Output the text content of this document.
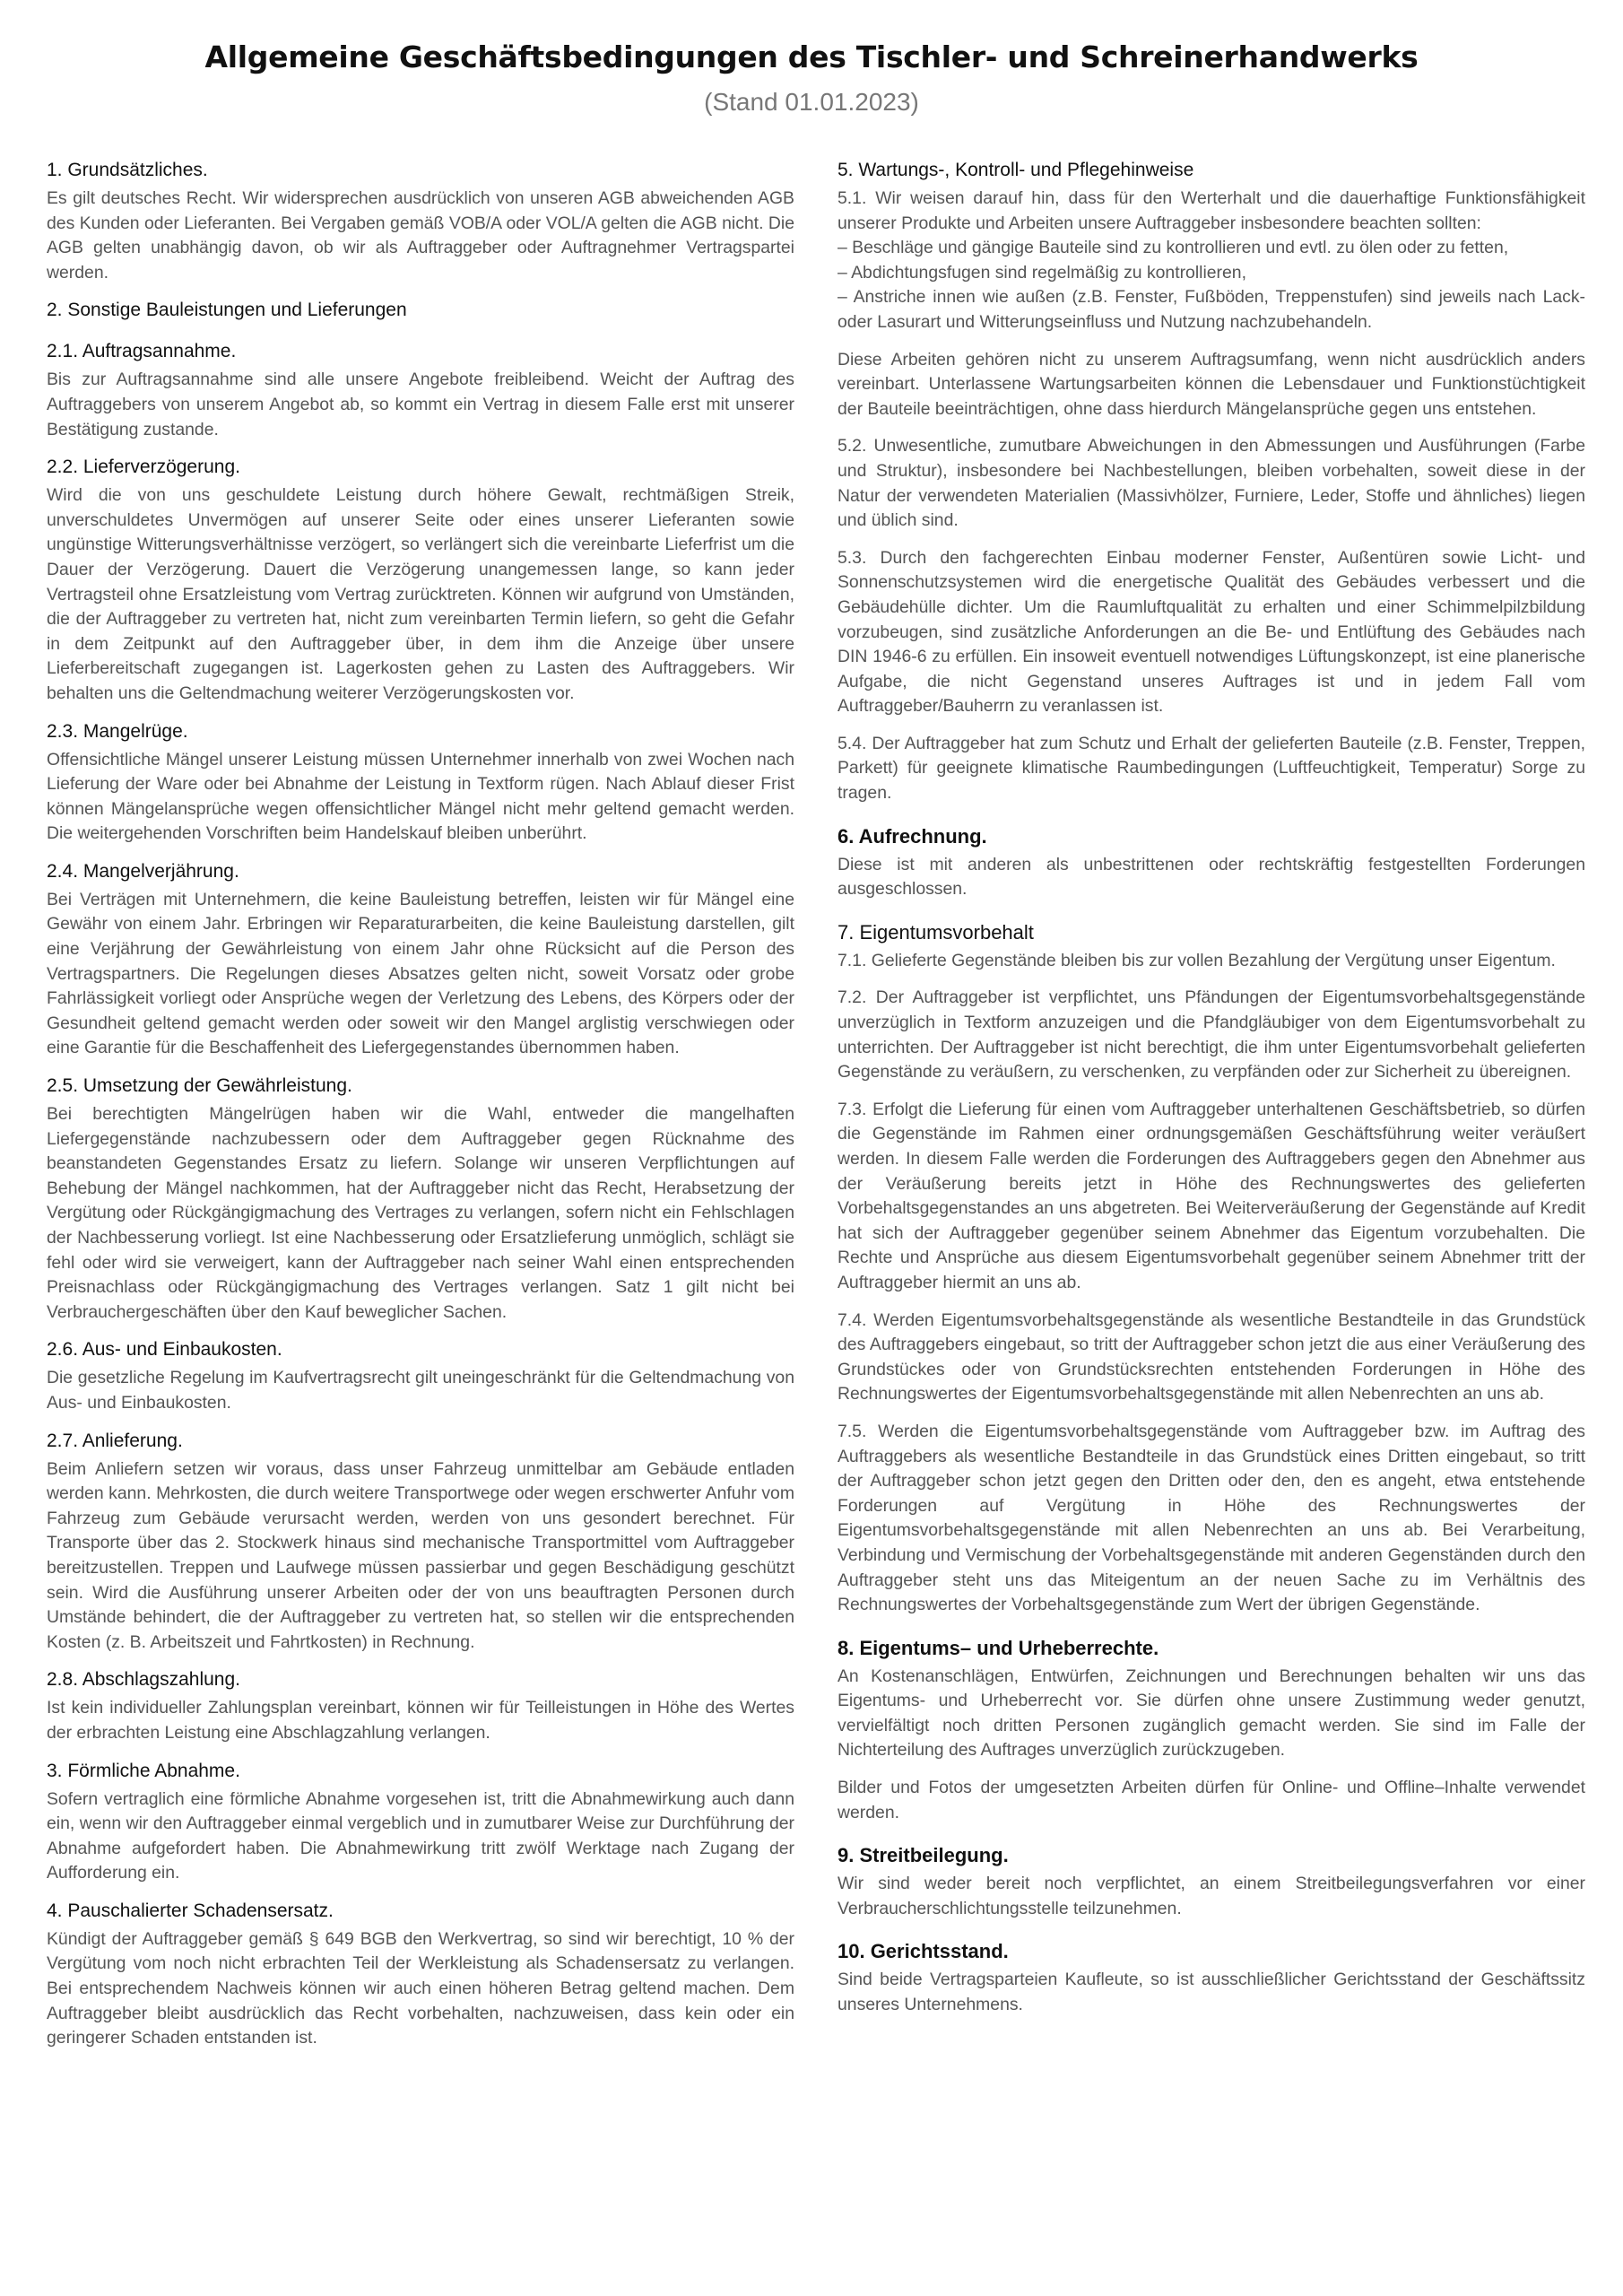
Allgemeine Geschäftsbedingungen des Tischler- und Schreinerhandwerks
(Stand 01.01.2023)
1. Grundsätzliches.

Es gilt deutsches Recht. Wir widersprechen ausdrücklich von unseren AGB abweichenden AGB des Kunden oder Lieferanten. Bei Vergaben gemäß VOB/A oder VOL/A gelten die AGB nicht. Die AGB gelten unabhängig davon, ob wir als Auftraggeber oder Auftragnehmer Vertragspartei werden.

2. Sonstige Bauleistungen und Lieferungen
2.1. Auftragsannahme.

Bis zur Auftragsannahme sind alle unsere Angebote freibleibend. Weicht der Auftrag des Auftraggebers von unserem Angebot ab, so kommt ein Vertrag in diesem Falle erst mit unserer Bestätigung zustande.

2.2. Lieferverzögerung.

Wird die von uns geschuldete Leistung durch höhere Gewalt, rechtmäßigen Streik, unverschuldetes Unvermögen auf unserer Seite oder eines unserer Lieferanten sowie ungünstige Witterungsverhältnisse verzögert, so verlängert sich die vereinbarte Lieferfrist um die Dauer der Verzögerung. Dauert die Verzögerung unangemessen lange, so kann jeder Vertragsteil ohne Ersatzleistung vom Vertrag zurücktreten. Können wir aufgrund von Umständen, die der Auftraggeber zu vertreten hat, nicht zum vereinbarten Termin liefern, so geht die Gefahr in dem Zeitpunkt auf den Auftraggeber über, in dem ihm die Anzeige über unsere Lieferbereitschaft zugegangen ist. Lagerkosten gehen zu Lasten des Auftraggebers. Wir behalten uns die Geltendmachung weiterer Verzögerungskosten vor.

2.3. Mangelrüge.

Offensichtliche Mängel unserer Leistung müssen Unternehmer innerhalb von zwei Wochen nach Lieferung der Ware oder bei Abnahme der Leistung in Textform rügen. Nach Ablauf dieser Frist können Mängelansprüche wegen offensichtlicher Mängel nicht mehr geltend gemacht werden. Die weitergehenden Vorschriften beim Handelskauf bleiben unberührt.

2.4. Mangelverjährung.

Bei Verträgen mit Unternehmern, die keine Bauleistung betreffen, leisten wir für Mängel eine Gewähr von einem Jahr. Erbringen wir Reparaturarbeiten, die keine Bauleistung darstellen, gilt eine Verjährung der Gewährleistung von einem Jahr ohne Rücksicht auf die Person des Vertragspartners. Die Regelungen dieses Absatzes gelten nicht, soweit Vorsatz oder grobe Fahrlässigkeit vorliegt oder Ansprüche wegen der Verletzung des Lebens, des Körpers oder der Gesundheit geltend gemacht werden oder soweit wir den Mangel arglistig verschwiegen oder eine Garantie für die Beschaffenheit des Liefergegenstandes übernommen haben.

2.5. Umsetzung der Gewährleistung.

Bei berechtigten Mängelrügen haben wir die Wahl, entweder die mangelhaften Liefergegenstände nachzubessern oder dem Auftraggeber gegen Rücknahme des beanstandeten Gegenstandes Ersatz zu liefern. Solange wir unseren Verpflichtungen auf Behebung der Mängel nachkommen, hat der Auftraggeber nicht das Recht, Herabsetzung der Vergütung oder Rückgängigmachung des Vertrages zu verlangen, sofern nicht ein Fehlschlagen der Nachbesserung vorliegt. Ist eine Nachbesserung oder Ersatzlieferung unmöglich, schlägt sie fehl oder wird sie verweigert, kann der Auftraggeber nach seiner Wahl einen entsprechenden Preisnachlass oder Rückgängigmachung des Vertrages verlangen. Satz 1 gilt nicht bei Verbrauchergeschäften über den Kauf beweglicher Sachen.

2.6. Aus- und Einbaukosten.

Die gesetzliche Regelung im Kaufvertragsrecht gilt uneingeschränkt für die Geltendmachung von Aus- und Einbaukosten.

2.7. Anlieferung.

Beim Anliefern setzen wir voraus, dass unser Fahrzeug unmittelbar am Gebäude entladen werden kann. Mehrkosten, die durch weitere Transportwege oder wegen erschwerter Anfuhr vom Fahrzeug zum Gebäude verursacht werden, werden von uns gesondert berechnet. Für Transporte über das 2. Stockwerk hinaus sind mechanische Transportmittel vom Auftraggeber bereitzustellen. Treppen und Laufwege müssen passierbar und gegen Beschädigung geschützt sein. Wird die Ausführung unserer Arbeiten oder der von uns beauftragten Personen durch Umstände behindert, die der Auftraggeber zu vertreten hat, so stellen wir die entsprechenden Kosten (z. B. Arbeitszeit und Fahrtkosten) in Rechnung.

2.8. Abschlagszahlung.

Ist kein individueller Zahlungsplan vereinbart, können wir für Teilleistungen in Höhe des Wertes der erbrachten Leistung eine Abschlagzahlung verlangen.

3. Förmliche Abnahme.

Sofern vertraglich eine förmliche Abnahme vorgesehen ist, tritt die Abnahmewirkung auch dann ein, wenn wir den Auftraggeber einmal vergeblich und in zumutbarer Weise zur Durchführung der Abnahme aufgefordert haben. Die Abnahmewirkung tritt zwölf Werktage nach Zugang der Aufforderung ein.

4. Pauschalierter Schadensersatz.

Kündigt der Auftraggeber gemäß § 649 BGB den Werkvertrag, so sind wir berechtigt, 10 % der Vergütung vom noch nicht erbrachten Teil der Werkleistung als Schadensersatz zu verlangen. Bei entsprechendem Nachweis können wir auch einen höheren Betrag geltend machen. Dem Auftraggeber bleibt ausdrücklich das Recht vorbehalten, nachzuweisen, dass kein oder ein geringerer Schaden entstanden ist.

5. Wartungs-, Kontroll- und Pflegehinweise

5.1. Wir weisen darauf hin, dass für den Werterhalt und die dauerhaftige Funktionsfähigkeit unserer Produkte und Arbeiten unsere Auftraggeber insbesondere beachten sollten:

– Beschläge und gängige Bauteile sind zu kontrollieren und evtl. zu ölen oder zu fetten,

– Abdichtungsfugen sind regelmäßig zu kontrollieren,

– Anstriche innen wie außen (z.B. Fenster, Fußböden, Treppenstufen) sind jeweils nach Lack- oder Lasurart und Witterungseinfluss und Nutzung nachzubehandeln.

Diese Arbeiten gehören nicht zu unserem Auftragsumfang, wenn nicht ausdrücklich anders vereinbart. Unterlassene Wartungsarbeiten können die Lebensdauer und Funktionstüchtigkeit der Bauteile beeinträchtigen, ohne dass hierdurch Mängelansprüche gegen uns entstehen.

5.2. Unwesentliche, zumutbare Abweichungen in den Abmessungen und Ausführungen (Farbe und Struktur), insbesondere bei Nachbestellungen, bleiben vorbehalten, soweit diese in der Natur der verwendeten Materialien (Massivhölzer, Furniere, Leder, Stoffe und ähnliches) liegen und üblich sind.

5.3. Durch den fachgerechten Einbau moderner Fenster, Außentüren sowie Licht- und Sonnenschutzsystemen wird die energetische Qualität des Gebäudes verbessert und die Gebäudehülle dichter. Um die Raumluftqualität zu erhalten und einer Schimmelpilzbildung vorzubeugen, sind zusätzliche Anforderungen an die Be- und Entlüftung des Gebäudes nach DIN 1946-6 zu erfüllen. Ein insoweit eventuell notwendiges Lüftungskonzept, ist eine planerische Aufgabe, die nicht Gegenstand unseres Auftrages ist und in jedem Fall vom Auftraggeber/Bauherrn zu veranlassen ist.

5.4. Der Auftraggeber hat zum Schutz und Erhalt der gelieferten Bauteile (z.B. Fenster, Treppen, Parkett) für geeignete klimatische Raumbedingungen (Luftfeuchtigkeit, Temperatur) Sorge zu tragen.

6. Aufrechnung.

Diese ist mit anderen als unbestrittenen oder rechtskräftig festgestellten Forderungen ausgeschlossen.

7. Eigentumsvorbehalt

7.1. Gelieferte Gegenstände bleiben bis zur vollen Bezahlung der Vergütung unser Eigentum.

7.2. Der Auftraggeber ist verpflichtet, uns Pfändungen der Eigentumsvorbehaltsgegenstände unverzüglich in Textform anzuzeigen und die Pfandgläubiger von dem Eigentumsvorbehalt zu unterrichten. Der Auftraggeber ist nicht berechtigt, die ihm unter Eigentumsvorbehalt gelieferten Gegenstände zu veräußern, zu verschenken, zu verpfänden oder zur Sicherheit zu übereignen.

7.3. Erfolgt die Lieferung für einen vom Auftraggeber unterhaltenen Geschäftsbetrieb, so dürfen die Gegenstände im Rahmen einer ordnungsgemäßen Geschäftsführung weiter veräußert werden. In diesem Falle werden die Forderungen des Auftraggebers gegen den Abnehmer aus der Veräußerung bereits jetzt in Höhe des Rechnungswertes des gelieferten Vorbehaltsgegenstandes an uns abgetreten. Bei Weiterveräußerung der Gegenstände auf Kredit hat sich der Auftraggeber gegenüber seinem Abnehmer das Eigentum vorzubehalten. Die Rechte und Ansprüche aus diesem Eigentumsvorbehalt gegenüber seinem Abnehmer tritt der Auftraggeber hiermit an uns ab.

7.4. Werden Eigentumsvorbehaltsgegenstände als wesentliche Bestandteile in das Grundstück des Auftraggebers eingebaut, so tritt der Auftraggeber schon jetzt die aus einer Veräußerung des Grundstückes oder von Grundstücksrechten entstehenden Forderungen in Höhe des Rechnungswertes der Eigentumsvorbehaltsgegenstände mit allen Nebenrechten an uns ab.

7.5. Werden die Eigentumsvorbehaltsgegenstände vom Auftraggeber bzw. im Auftrag des Auftraggebers als wesentliche Bestandteile in das Grundstück eines Dritten eingebaut, so tritt der Auftraggeber schon jetzt gegen den Dritten oder den, den es angeht, etwa entstehende Forderungen auf Vergütung in Höhe des Rechnungswertes der Eigentumsvorbehaltsgegenstände mit allen Nebenrechten an uns ab. Bei Verarbeitung, Verbindung und Vermischung der Vorbehaltsgegenstände mit anderen Gegenständen durch den Auftraggeber steht uns das Miteigentum an der neuen Sache zu im Verhältnis des Rechnungswertes der Vorbehaltsgegenstände zum Wert der übrigen Gegenstände.

8. Eigentums– und Urheberrechte.

An Kostenanschlägen, Entwürfen, Zeichnungen und Berechnungen behalten wir uns das Eigentums- und Urheberrecht vor. Sie dürfen ohne unsere Zustimmung weder genutzt, vervielfältigt noch dritten Personen zugänglich gemacht werden. Sie sind im Falle der Nichterteilung des Auftrages unverzüglich zurückzugeben.

Bilder und Fotos der umgesetzten Arbeiten dürfen für Online- und Offline–Inhalte verwendet werden.

9. Streitbeilegung.

Wir sind weder bereit noch verpflichtet, an einem Streitbeilegungsverfahren vor einer Verbraucherschlichtungsstelle teilzunehmen.

10. Gerichtsstand.

Sind beide Vertragsparteien Kaufleute, so ist ausschließlicher Gerichtsstand der Geschäftssitz unseres Unternehmens.
